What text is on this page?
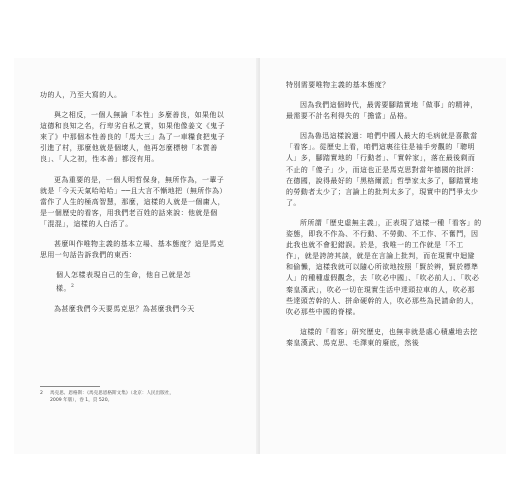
功的人，乃至大寫的人。

與之相反，一個人無論「本性」多麼善良，如果他以這德和良知之名，行卑劣自私之實，如果他像姜文《鬼子來了》中那個本性善良的「馬大三」為了一車糧食把鬼子引進了村，那麼他就是個壞人，他再怎麼標榜「本質善良」、「人之初，性本善」都沒有用。

更為重要的是，一個人明哲保身，無所作為，一輩子就是「今天天氣哈哈哈」──且大言不慚地把（無所作為）當作了人生的極高智慧，那麼，這樣的人就是一個庸人，是一個歷史的看客，用我們老百姓的話來說：他就是個「混混」，這樣的人白活了。

甚麼叫作唯物主義的基本立場、基本態度？這是馬克思用一句話告訴我們的東西：

個人怎樣表現自己的生命，他自己就是怎
樣。$^2$

為甚麼我們今天要馬克思？為甚麼我們今天

2 馬克思、恩格斯：《馬克思恩格斯文集》（北京：人民出版社，
2009 年版），卷 1，頁 520。

特別需要唯物主義的基本態度？

因為我們這個時代，最需要腳踏實地「做事」的精神，最需要不計名利得失的「擔當」品格。

因為魯迅這樣說過：咱們中國人最大的毛病就是喜歡當「看客」。從歷史上看，咱們這裏往往是袖手旁觀的「聰明人」多，腳踏實地的「行動者」、「實幹家」，落在最後剩而不止的「傻子」少，而這也正是馬克思對當年德國的批評：在德國，說得最好的「黑格爾派」哲學家太多了，腳踏實地的勞動者太少了；言論上的批判太多了，現實中的鬥爭太少了。

所所謂「歷史虛無主義」，正表現了這樣一種「看客」的姿態，即我不作為、不行動、不勞動、不工作、不奮鬥，因此我也就不會犯錯誤。於是，我唯一的工作就是「不工作」，就是誇誇其談，就是在言論上批判，而在現實中迴避和偷懶，這樣我就可以隨心所欲地按照「賢於辨，賢於標準人」的種種虛假觀念，去「吹必中國」、「吹必前人」、「吹必秦皇漢武」，吹必一切在現實生活中達頭拉車的人，吹必那些達頭苦幹的人、拼命硬幹的人，吹必那些為民請命的人，吹必那些中國的脊樑。

這樣的「看客」研究歷史，也無非就是處心積慮地去挖秦皇漢武、馬克思、毛澤東的廢底，然後
